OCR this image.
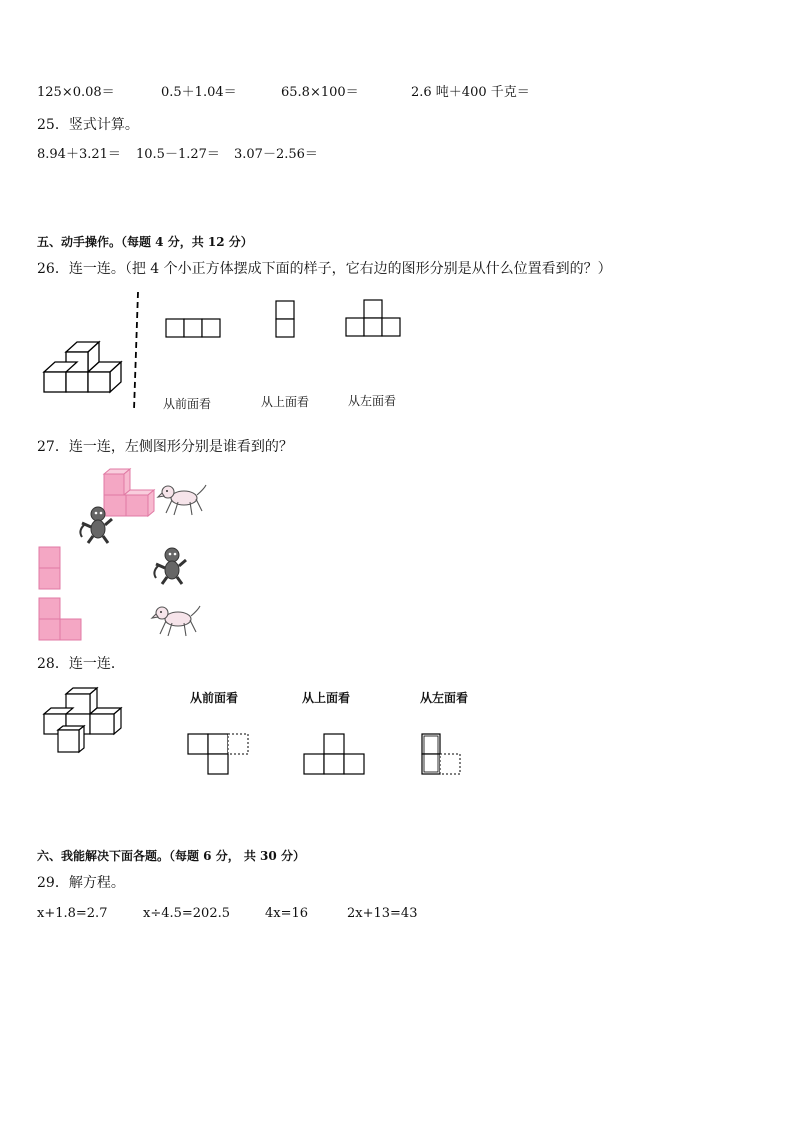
125×0.08＝	0.5＋1.04＝	65.8×100＝	2.6 吨＋400 千克＝
25．竖式计算。
8.94＋3.21＝ 10.5－1.27＝ 3.07－2.56＝
五、动手操作。（每题 4 分，共 12 分）
26．连一连。（把 4 个小正方体摆成下面的样子，它右边的图形分别是从什么位置看到的？）
从前面看	从上面看	从左面看
27．连一连，左侧图形分别是谁看到的？
28．连一连．
从前面看	从上面看	从左面看
六、我能解决下面各题。（每题 6 分， 共 30 分）
29．解方程。
x+1.8=2.7	x÷4.5=202.5	4x=16	2x+13=43
